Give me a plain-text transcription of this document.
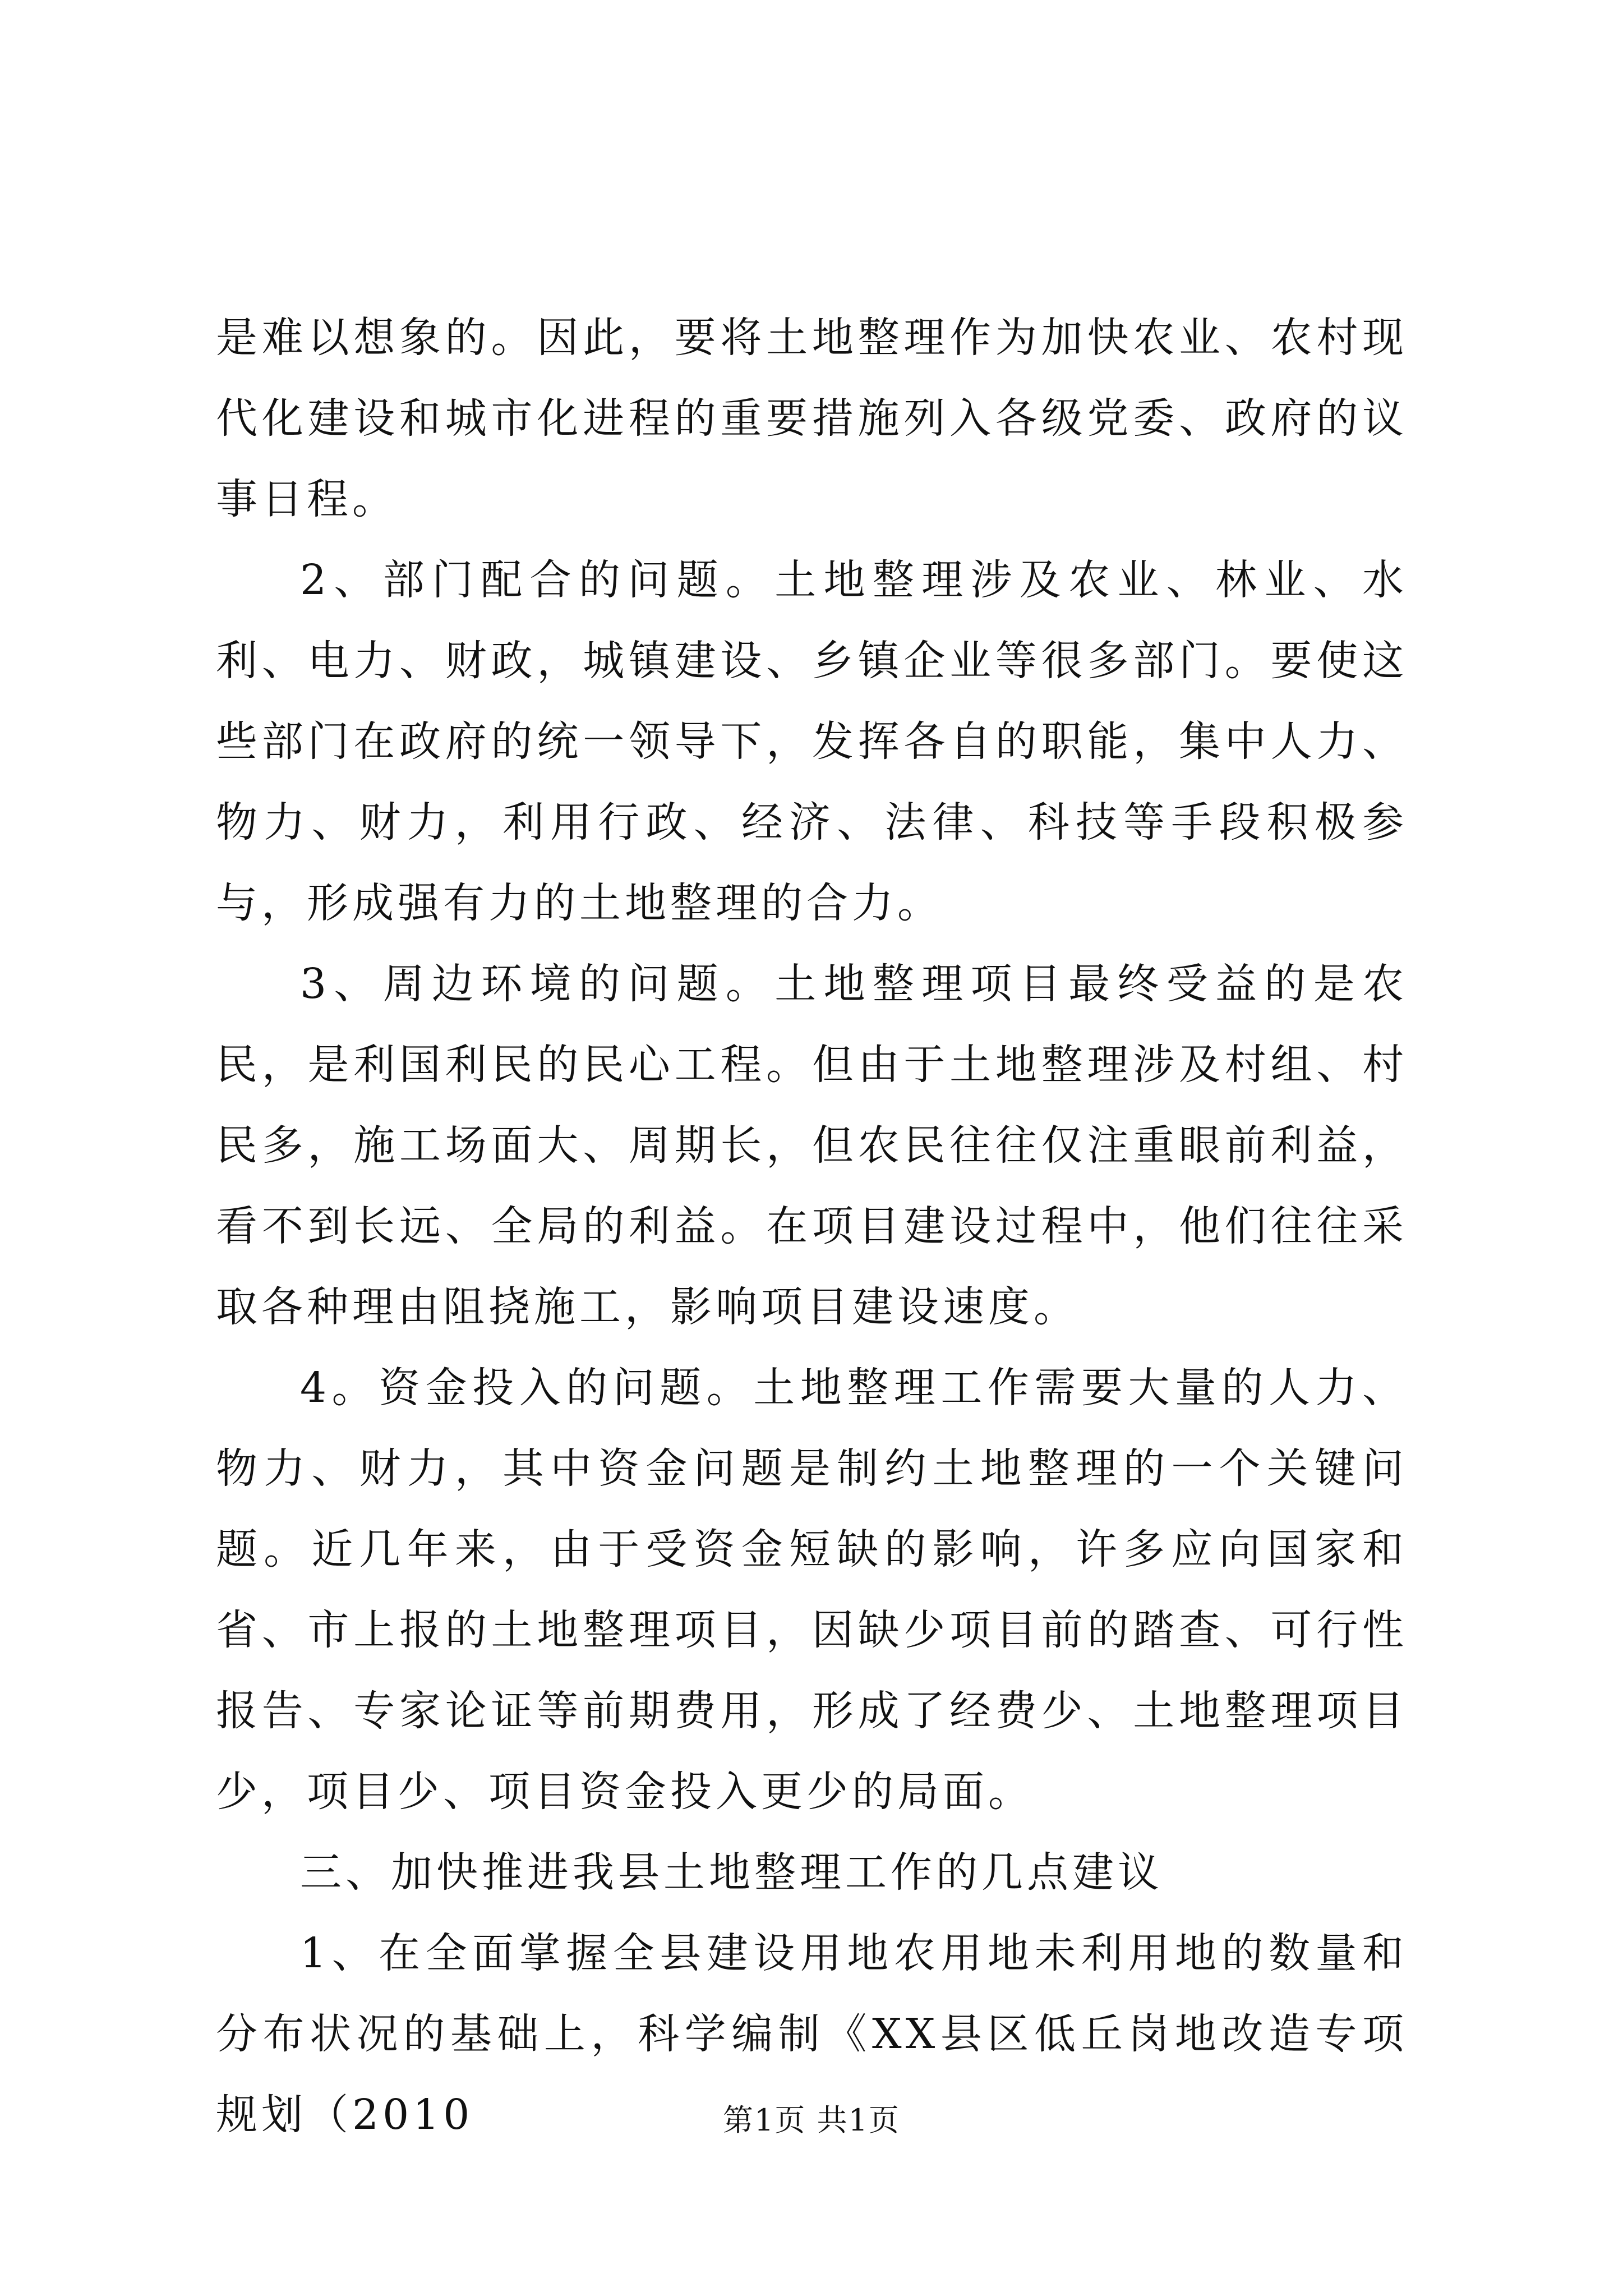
是难以想象的。因此，要将土地整理作为加快农业、农村现代化建设和城市化进程的重要措施列入各级党委、政府的议事日程。

2、部门配合的问题。土地整理涉及农业、林业、水利、电力、财政，城镇建设、乡镇企业等很多部门。要使这些部门在政府的统一领导下，发挥各自的职能，集中人力、物力、财力，利用行政、经济、法律、科技等手段积极参与，形成强有力的土地整理的合力。

3、周边环境的问题。土地整理项目最终受益的是农民，是利国利民的民心工程。但由于土地整理涉及村组、村民多，施工场面大、周期长，但农民往往仅注重眼前利益，看不到长远、全局的利益。在项目建设过程中，他们往往采取各种理由阻挠施工，影响项目建设速度。

4。资金投入的问题。土地整理工作需要大量的人力、物力、财力，其中资金问题是制约土地整理的一个关键问题。近几年来，由于受资金短缺的影响，许多应向国家和省、市上报的土地整理项目，因缺少项目前的踏查、可行性报告、专家论证等前期费用，形成了经费少、土地整理项目少，项目少、项目资金投入更少的局面。

三、加快推进我县土地整理工作的几点建议

1、在全面掌握全县建设用地农用地未利用地的数量和分布状况的基础上，科学编制《XX县区低丘岗地改造专项规划（2010	第1页 共1页
